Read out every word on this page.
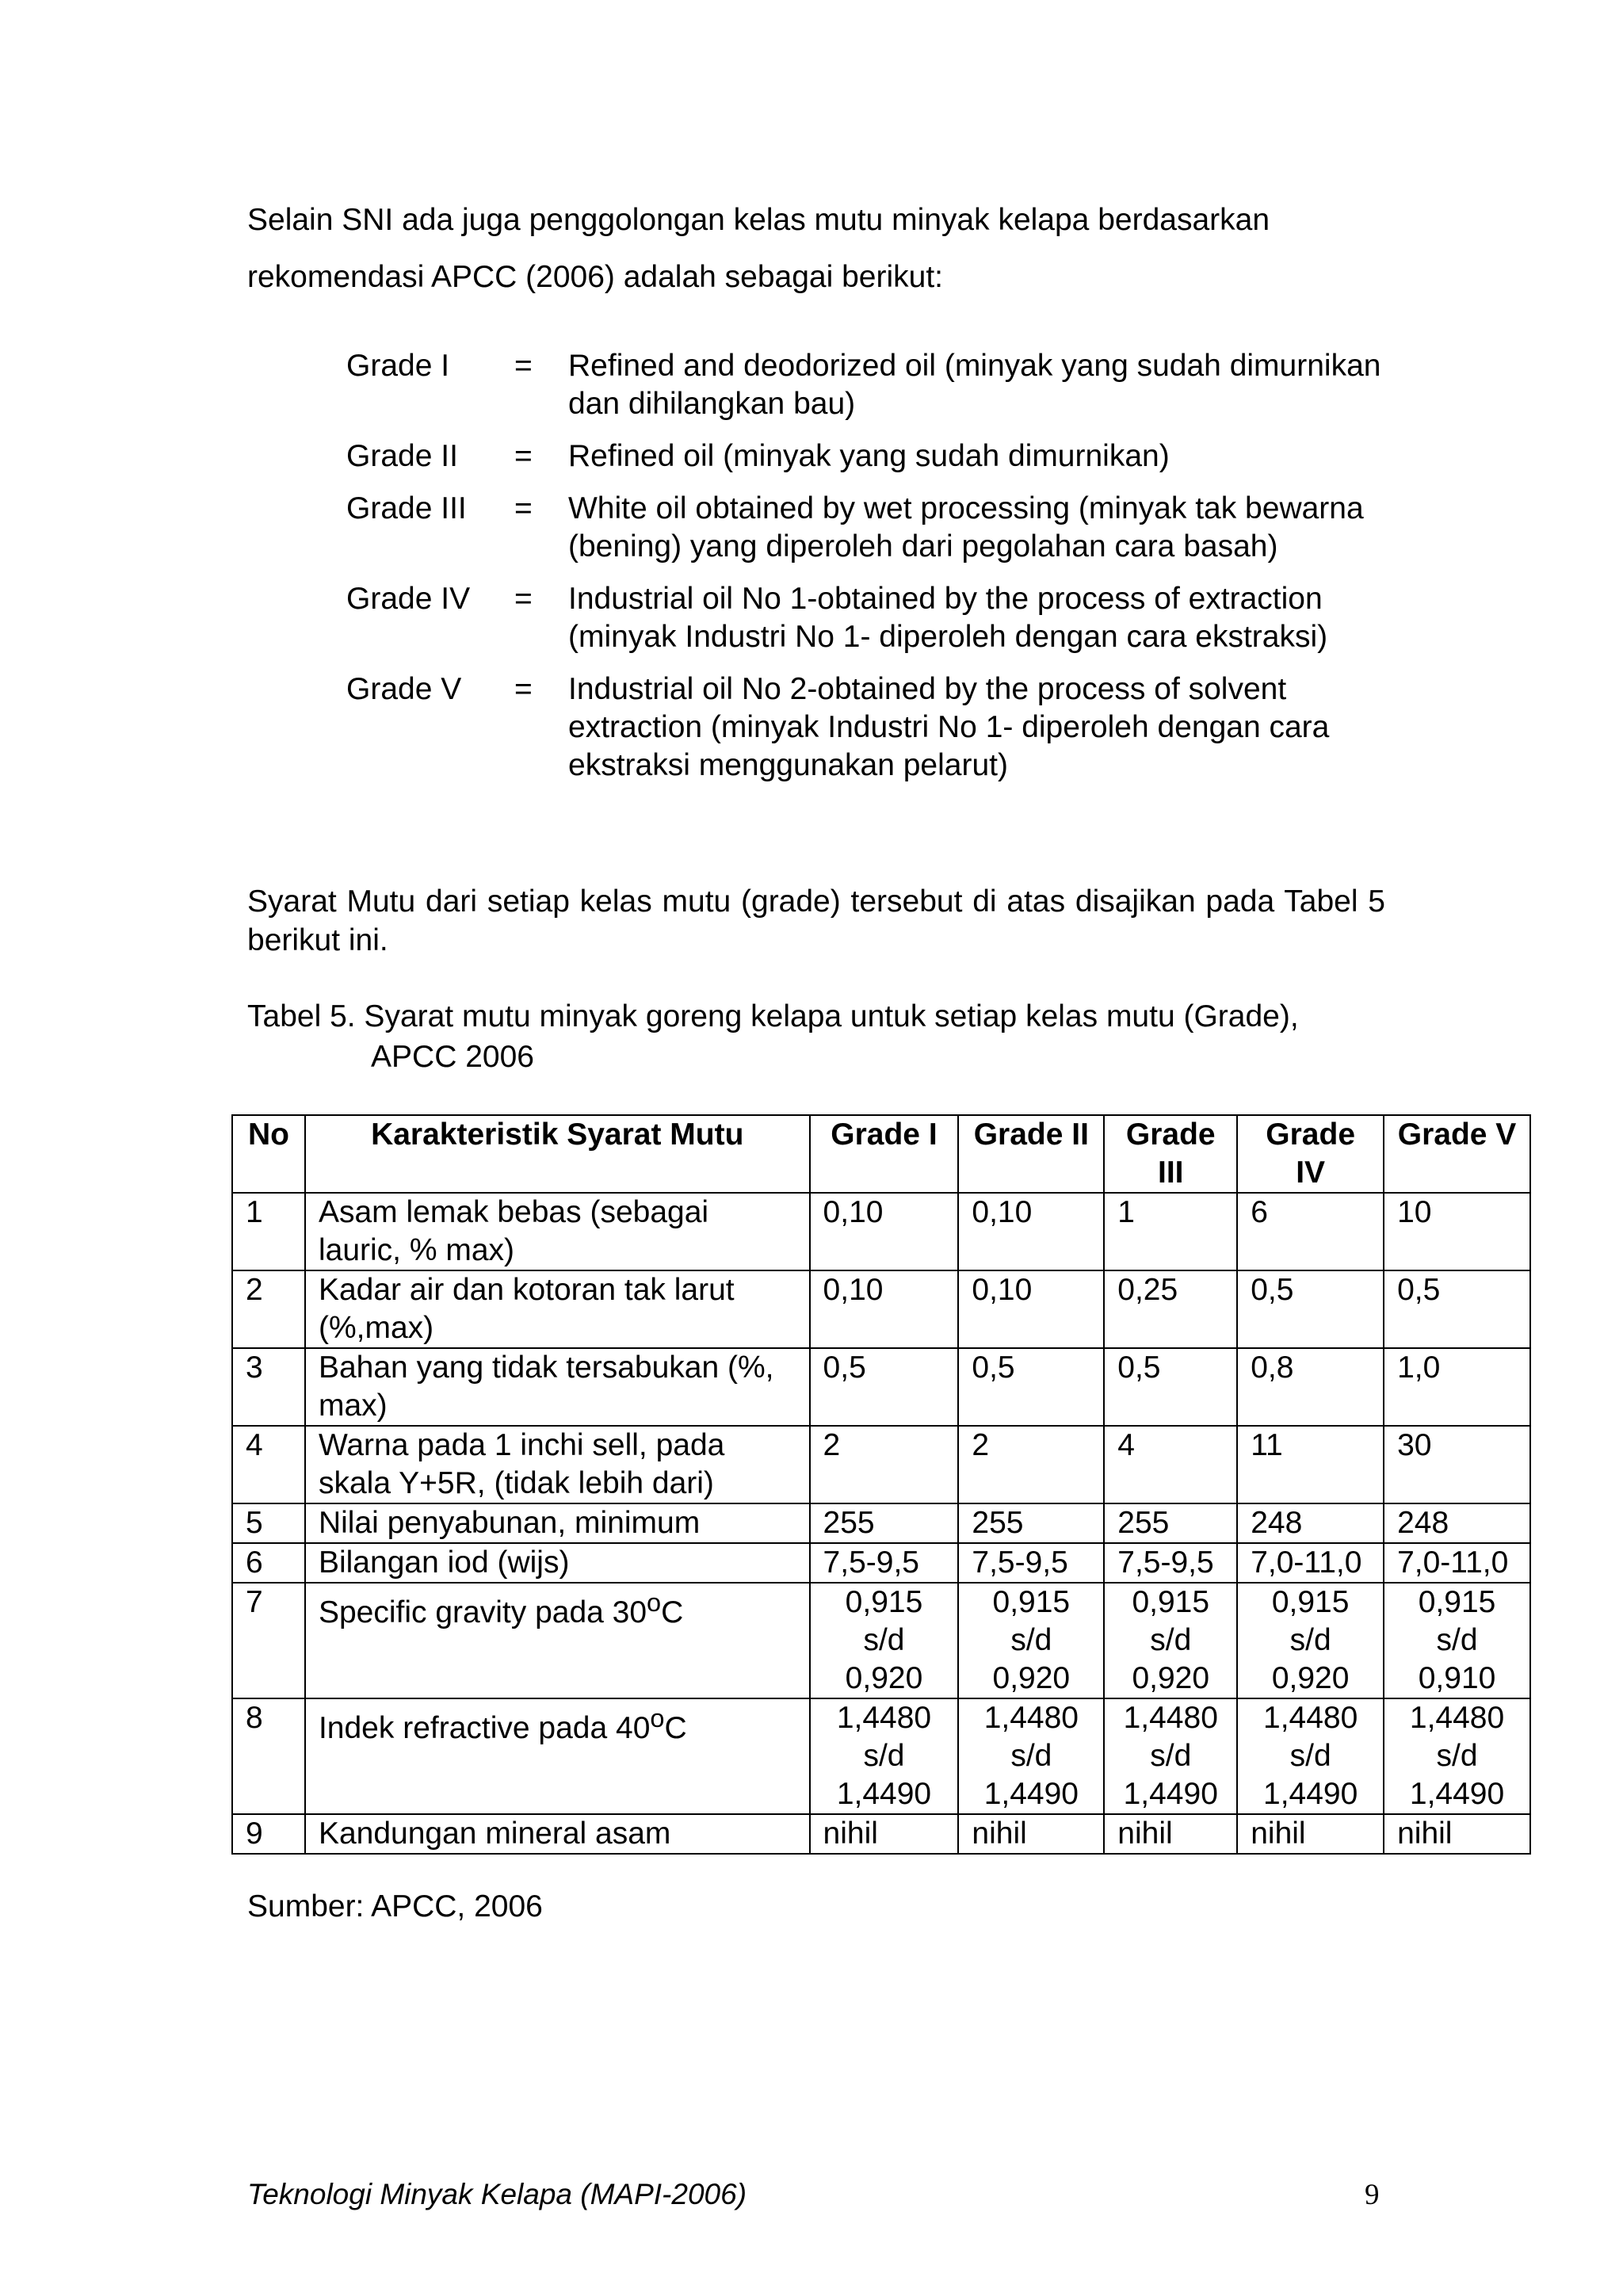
Selain SNI ada juga penggolongan kelas mutu minyak kelapa berdasarkan

rekomendasi APCC (2006) adalah sebagai berikut:

Grade I	=	Refined and deodorized oil (minyak yang sudah dimurnikan dan dihilangkan bau)
Grade II	=	Refined oil (minyak yang sudah dimurnikan)
Grade III	=	White oil obtained by wet processing (minyak tak bewarna (bening) yang diperoleh dari pegolahan cara basah)
Grade IV	=	Industrial oil No 1-obtained by the process of extraction (minyak Industri No 1- diperoleh dengan cara ekstraksi)
Grade V	=	Industrial oil No 2-obtained by the process of solvent extraction (minyak Industri No 1- diperoleh dengan cara ekstraksi menggunakan pelarut)

Syarat Mutu dari setiap kelas mutu (grade) tersebut di atas disajikan pada Tabel 5 berikut ini.

Tabel 5. Syarat mutu minyak goreng kelapa untuk setiap kelas mutu (Grade),
APCC 2006

No	Karakteristik Syarat Mutu	Grade I	Grade II	Grade III	Grade IV	Grade V
1	Asam lemak bebas (sebagai lauric, % max)	0,10	0,10	1	6	10
2	Kadar air dan kotoran tak larut (%,max)	0,10	0,10	0,25	0,5	0,5
3	Bahan yang tidak tersabukan (%, max)	0,5	0,5	0,5	0,8	1,0
4	Warna pada 1 inchi sell, pada skala Y+5R, (tidak lebih dari)	2	2	4	11	30
5	Nilai penyabunan, minimum	255	255	255	248	248
6	Bilangan iod (wijs)	7,5-9,5	7,5-9,5	7,5-9,5	7,0-11,0	7,0-11,0
7	Specific gravity pada 30$^o$C	0,915 s/d 0,920	0,915 s/d 0,920	0,915 s/d 0,920	0,915 s/d 0,920	0,915 s/d 0,910
8	Indek refractive pada 40$^o$C	1,4480 s/d 1,4490	1,4480 s/d 1,4490	1,4480 s/d 1,4490	1,4480 s/d 1,4490	1,4480 s/d 1,4490
9	Kandungan mineral asam	nihil	nihil	nihil	nihil	nihil

Sumber: APCC, 2006

Teknologi Minyak Kelapa (MAPI-2006)	9
